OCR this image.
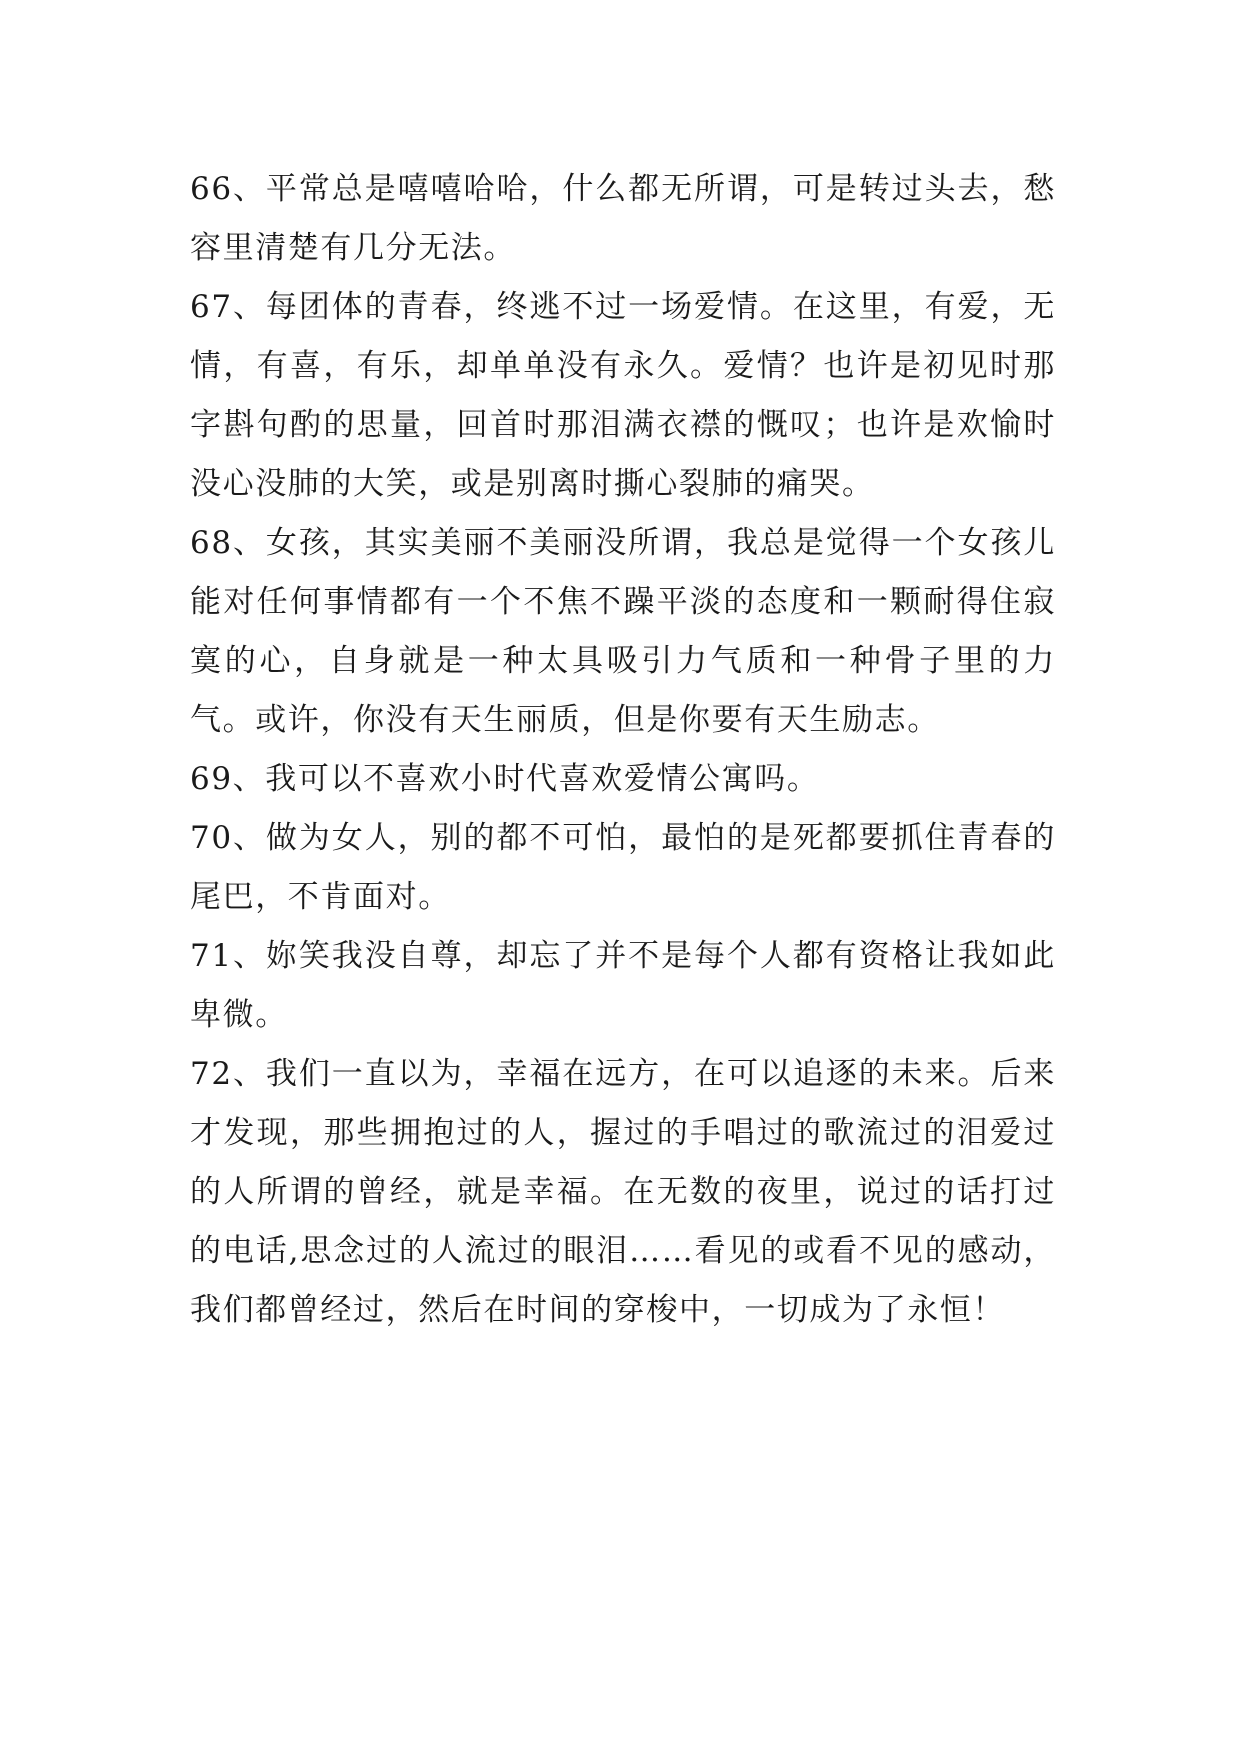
66、平常总是嘻嘻哈哈，什么都无所谓，可是转过头去，愁容里清楚有几分无法。

67、每团体的青春，终逃不过一场爱情。在这里，有爱，无情，有喜，有乐，却单单没有永久。爱情？也许是初见时那字斟句酌的思量，回首时那泪满衣襟的慨叹；也许是欢愉时没心没肺的大笑，或是别离时撕心裂肺的痛哭。

68、女孩，其实美丽不美丽没所谓，我总是觉得一个女孩儿能对任何事情都有一个不焦不躁平淡的态度和一颗耐得住寂寞的心，自身就是一种太具吸引力气质和一种骨子里的力气。或许，你没有天生丽质，但是你要有天生励志。

69、我可以不喜欢小时代喜欢爱情公寓吗。

70、做为女人，别的都不可怕，最怕的是死都要抓住青春的尾巴，不肯面对。

71、妳笑我没自尊，却忘了并不是每个人都有资格让我如此卑微。

72、我们一直以为，幸福在远方，在可以追逐的未来。后来才发现，那些拥抱过的人，握过的手唱过的歌流过的泪爱过的人所谓的曾经，就是幸福。在无数的夜里，说过的话打过的电话,思念过的人流过的眼泪……看见的或看不见的感动，我们都曾经过，然后在时间的穿梭中，一切成为了永恒！
